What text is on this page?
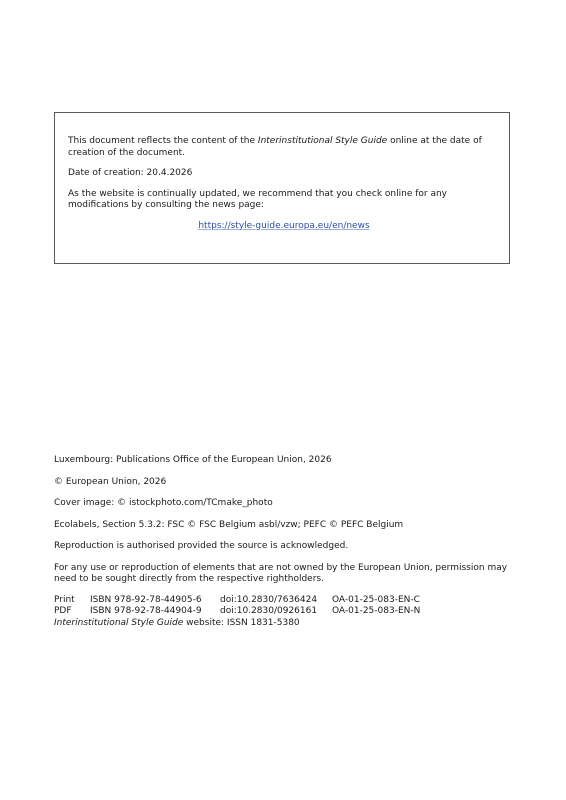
This document reflects the content of the Interinstitutional Style Guide online at the date of creation of the document.

Date of creation: 20.4.2026

As the website is continually updated, we recommend that you check online for any modifications by consulting the news page:

https://style-guide.europa.eu/en/news

Luxembourg: Publications Office of the European Union, 2026

© European Union, 2026

Cover image: © istockphoto.com/TCmake_photo

Ecolabels, Section 5.3.2: FSC © FSC Belgium asbl/vzw; PEFC © PEFC Belgium

Reproduction is authorised provided the source is acknowledged.

For any use or reproduction of elements that are not owned by the European Union, permission may need to be sought directly from the respective rightholders.

Print	ISBN 978-92-78-44905-6	doi:10.2830/7636424	OA-01-25-083-EN-C
PDF	ISBN 978-92-78-44904-9	doi:10.2830/0926161	OA-01-25-083-EN-N

Interinstitutional Style Guide website: ISSN 1831-5380
